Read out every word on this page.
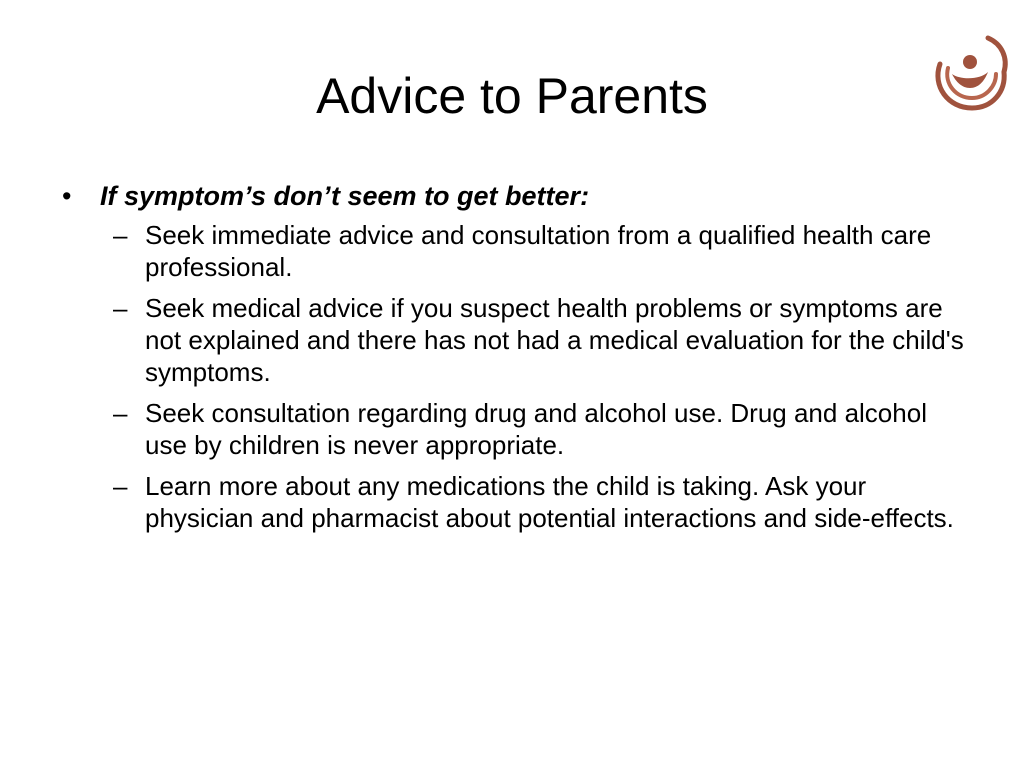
Advice to Parents
• If symptom’s don’t seem to get better:
– Seek immediate advice and consultation from a qualified health care professional.
– Seek medical advice if you suspect health problems or symptoms are not explained and there has not had a medical evaluation for the child's symptoms.
– Seek consultation regarding drug and alcohol use. Drug and alcohol use by children is never appropriate.
– Learn more about any medications the child is taking. Ask your physician and pharmacist about potential interactions and side-effects.
